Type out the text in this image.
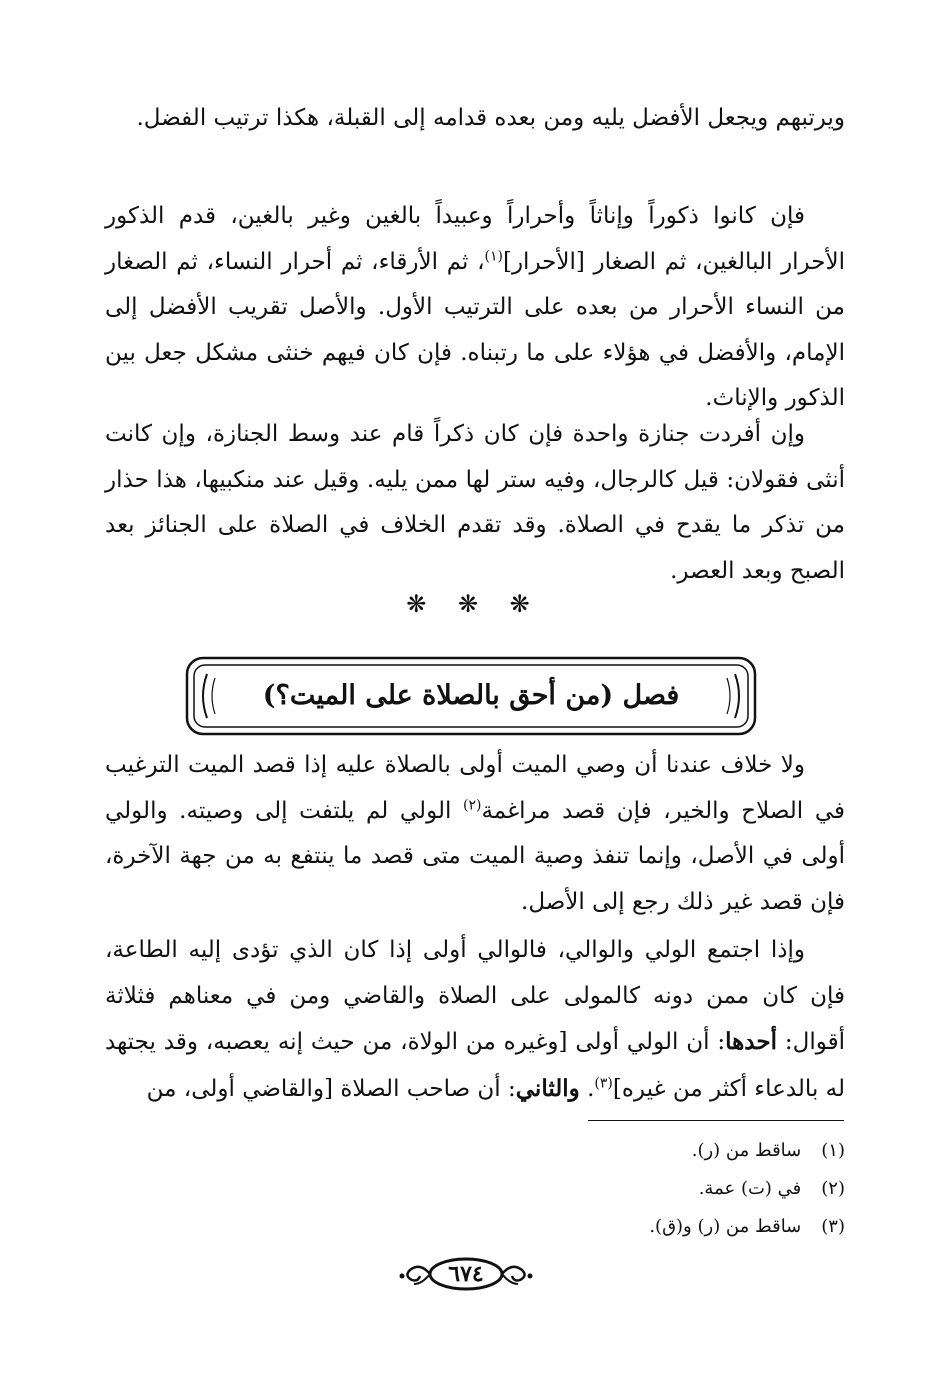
ويرتبهم ويجعل الأفضل يليه ومن بعده قدامه إلى القبلة، هكذا ترتيب الفضل.

فإن كانوا ذكوراً وإناثاً وأحراراً وعبيداً بالغين وغير بالغين، قدم الذكور الأحرار البالغين، ثم الصغار [الأحرار]$^{(١)}$، ثم الأرقاء، ثم أحرار النساء، ثم الصغار من النساء الأحرار من بعده على الترتيب الأول. والأصل تقريب الأفضل إلى الإمام، والأفضل في هؤلاء على ما رتبناه. فإن كان فيهم خنثى مشكل جعل بين الذكور والإناث.

وإن أفردت جنازة واحدة فإن كان ذكراً قام عند وسط الجنازة، وإن كانت أنثى فقولان: قيل كالرجال، وفيه ستر لها ممن يليه. وقيل عند منكبيها، هذا حذار من تذكر ما يقدح في الصلاة. وقد تقدم الخلاف في الصلاة على الجنائز بعد الصبح وبعد العصر.

❋ ❋ ❋
فصل (من أحق بالصلاة على الميت؟)

ولا خلاف عندنا أن وصي الميت أولى بالصلاة عليه إذا قصد الميت الترغيب في الصلاح والخير، فإن قصد مراغمة$^{(٢)}$ الولي لم يلتفت إلى وصيته. والولي أولى في الأصل، وإنما تنفذ وصية الميت متى قصد ما ينتفع به من جهة الآخرة، فإن قصد غير ذلك رجع إلى الأصل.

وإذا اجتمع الولي والوالي، فالوالي أولى إذا كان الذي تؤدى إليه الطاعة، فإن كان ممن دونه كالمولى على الصلاة والقاضي ومن في معناهم فثلاثة أقوال: أحدها: أن الولي أولى [وغيره من الولاة، من حيث إنه يعصبه، وقد يجتهد له بالدعاء أكثر من غيره]$^{(٣)}$. والثاني: أن صاحب الصلاة [والقاضي أولى، من

(١) ساقط من (ر).
(٢) في (ت) عمة.
(٣) ساقط من (ر) و(ق).
٦٧٤
